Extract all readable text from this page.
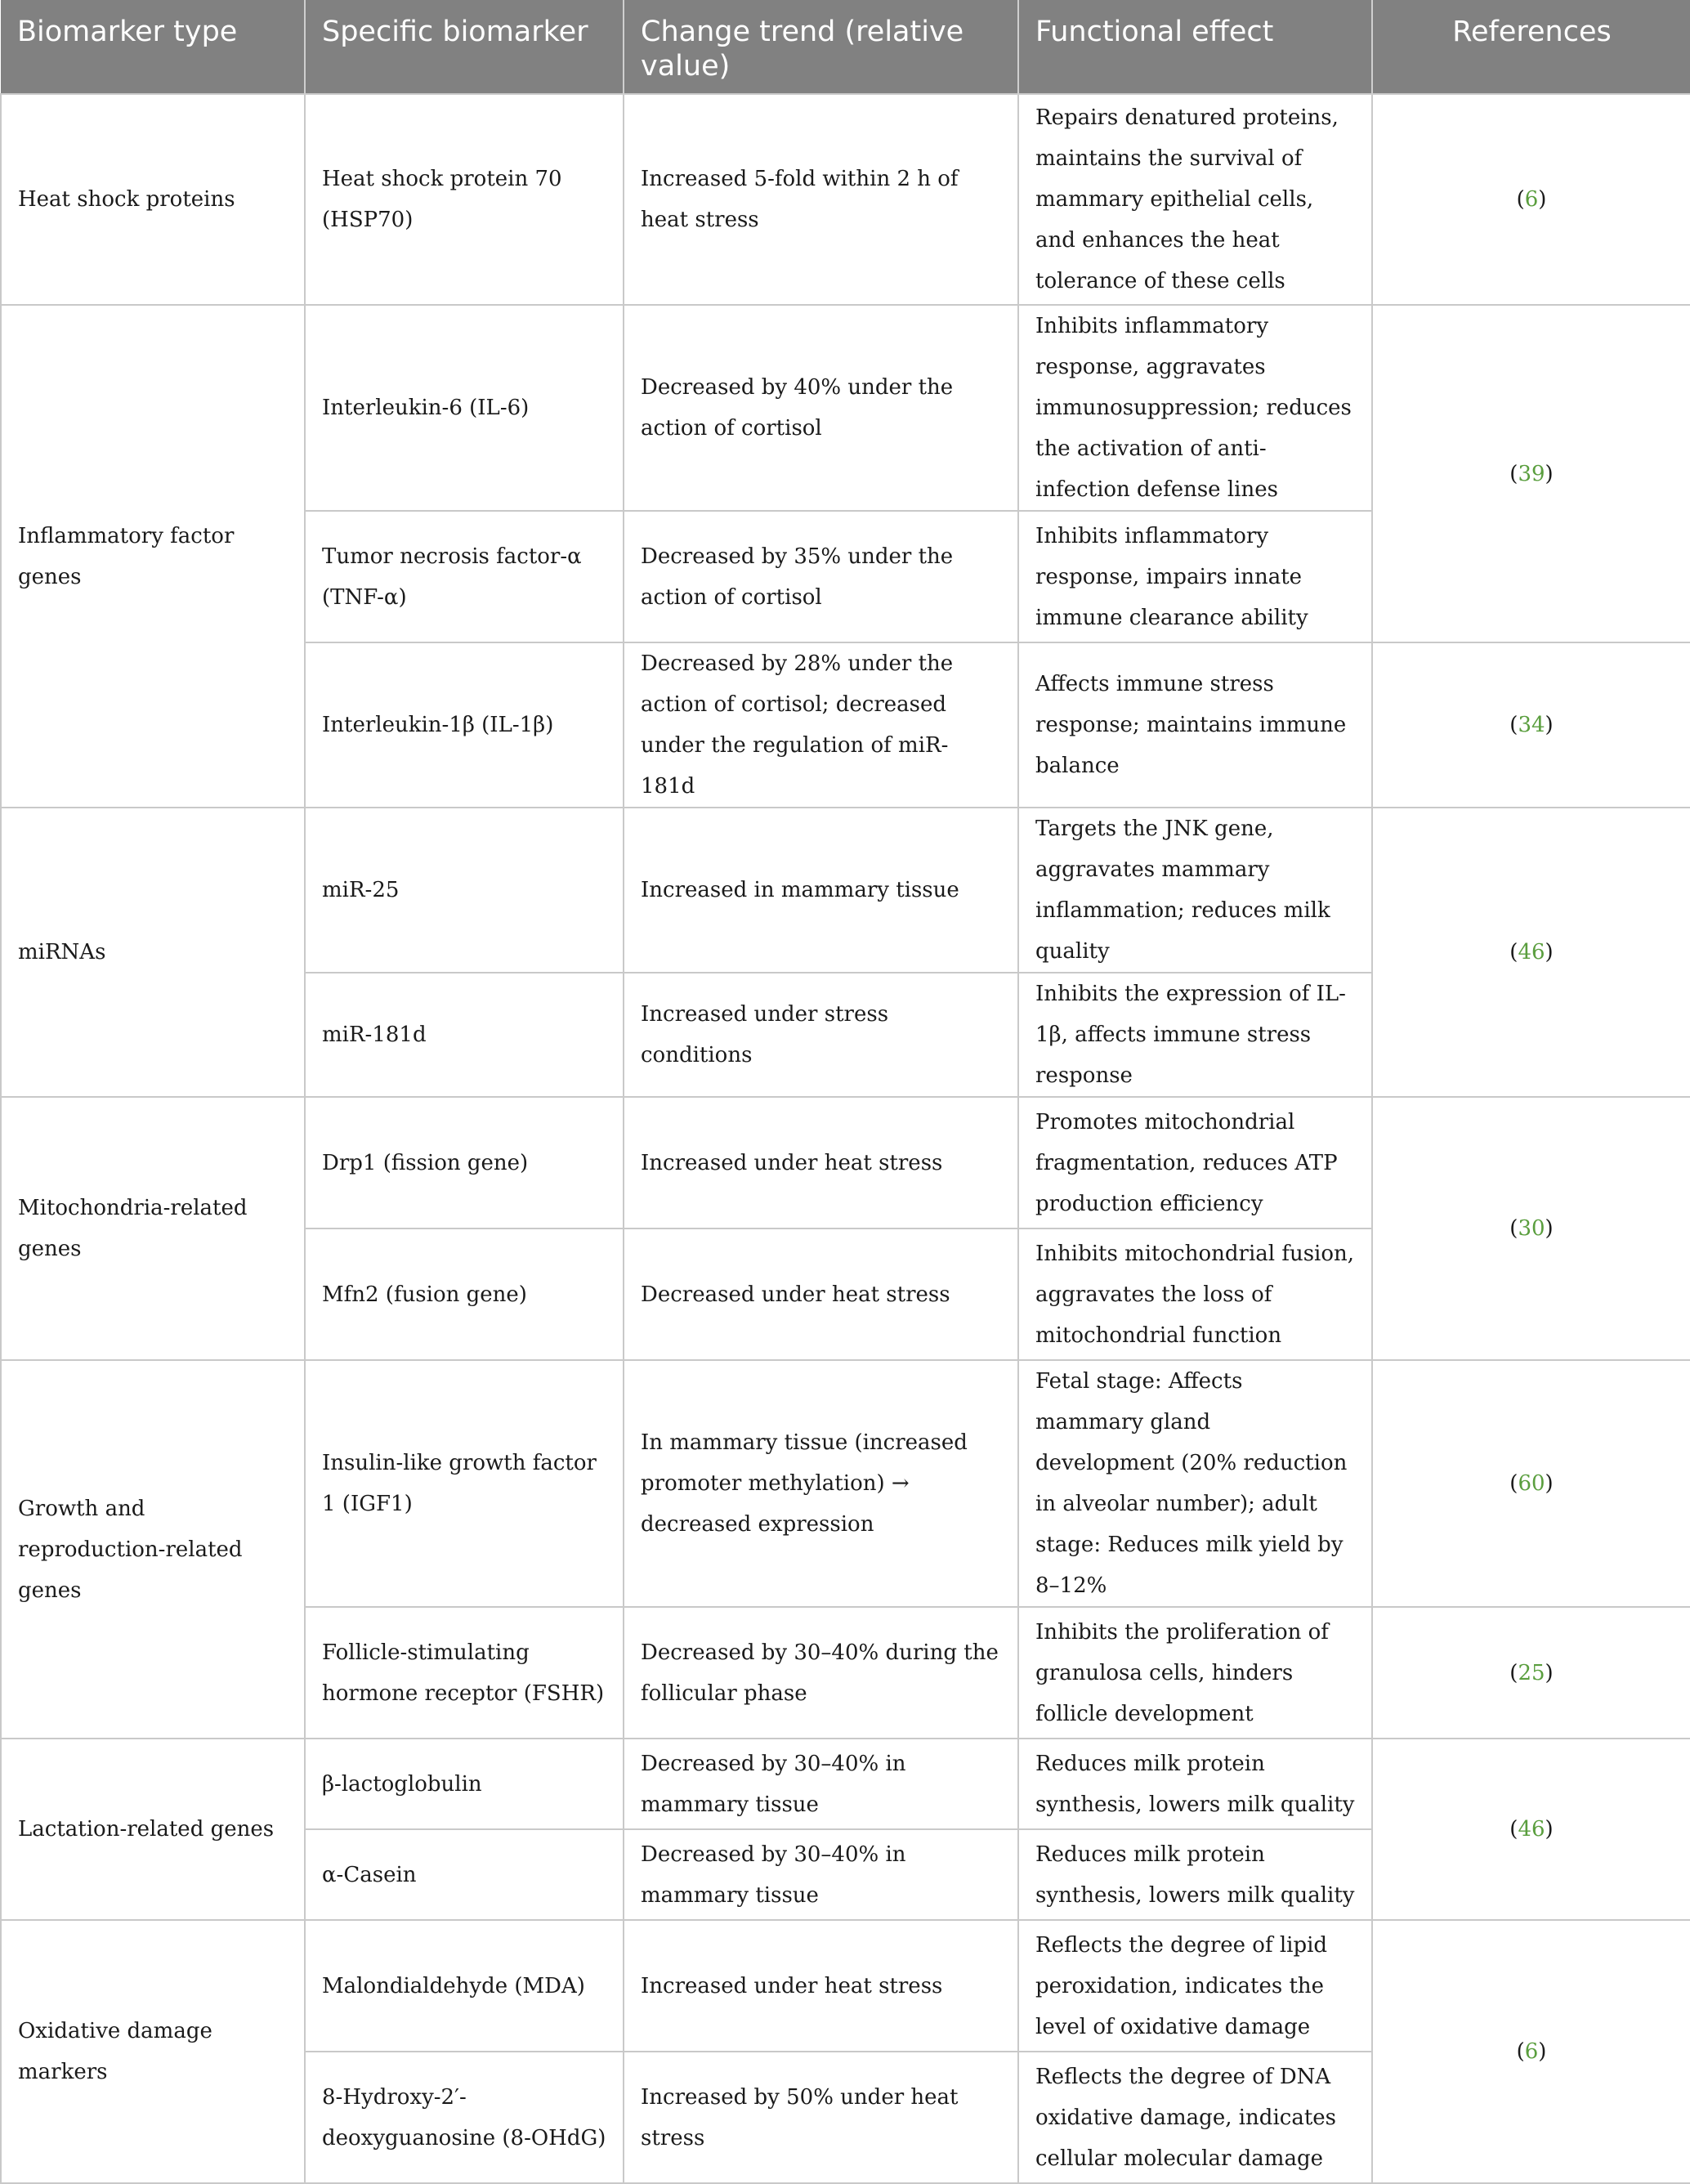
Biomarker type	Specific biomarker	Change trend (relative value)	Functional effect	References
Heat shock proteins	Heat shock protein 70 (HSP70)	Increased 5-fold within 2 h of heat stress	Repairs denatured proteins, maintains the survival of mammary epithelial cells, and enhances the heat tolerance of these cells	(6)
Inflammatory factor genes	Interleukin-6 (IL-6)	Decreased by 40% under the action of cortisol	Inhibits inflammatory response, aggravates immunosuppression; reduces the activation of anti-infection defense lines	(39)
	Tumor necrosis factor-α (TNF-α)	Decreased by 35% under the action of cortisol	Inhibits inflammatory response, impairs innate immune clearance ability	
	Interleukin-1β (IL-1β)	Decreased by 28% under the action of cortisol; decreased under the regulation of miR-181d	Affects immune stress response; maintains immune balance	(34)
miRNAs	miR-25	Increased in mammary tissue	Targets the JNK gene, aggravates mammary inflammation; reduces milk quality	(46)
	miR-181d	Increased under stress conditions	Inhibits the expression of IL-1β, affects immune stress response	
Mitochondria-related genes	Drp1 (fission gene)	Increased under heat stress	Promotes mitochondrial fragmentation, reduces ATP production efficiency	(30)
	Mfn2 (fusion gene)	Decreased under heat stress	Inhibits mitochondrial fusion, aggravates the loss of mitochondrial function	
Growth and reproduction-related genes	Insulin-like growth factor 1 (IGF1)	In mammary tissue (increased promoter methylation) → decreased expression	Fetal stage: Affects mammary gland development (20% reduction in alveolar number); adult stage: Reduces milk yield by 8–12%	(60)
	Follicle-stimulating hormone receptor (FSHR)	Decreased by 30–40% during the follicular phase	Inhibits the proliferation of granulosa cells, hinders follicle development	(25)
Lactation-related genes	β-lactoglobulin	Decreased by 30–40% in mammary tissue	Reduces milk protein synthesis, lowers milk quality	(46)
	α-Casein	Decreased by 30–40% in mammary tissue	Reduces milk protein synthesis, lowers milk quality	
Oxidative damage markers	Malondialdehyde (MDA)	Increased under heat stress	Reflects the degree of lipid peroxidation, indicates the level of oxidative damage	(6)
	8-Hydroxy-2′-deoxyguanosine (8-OHdG)	Increased by 50% under heat stress	Reflects the degree of DNA oxidative damage, indicates cellular molecular damage	
